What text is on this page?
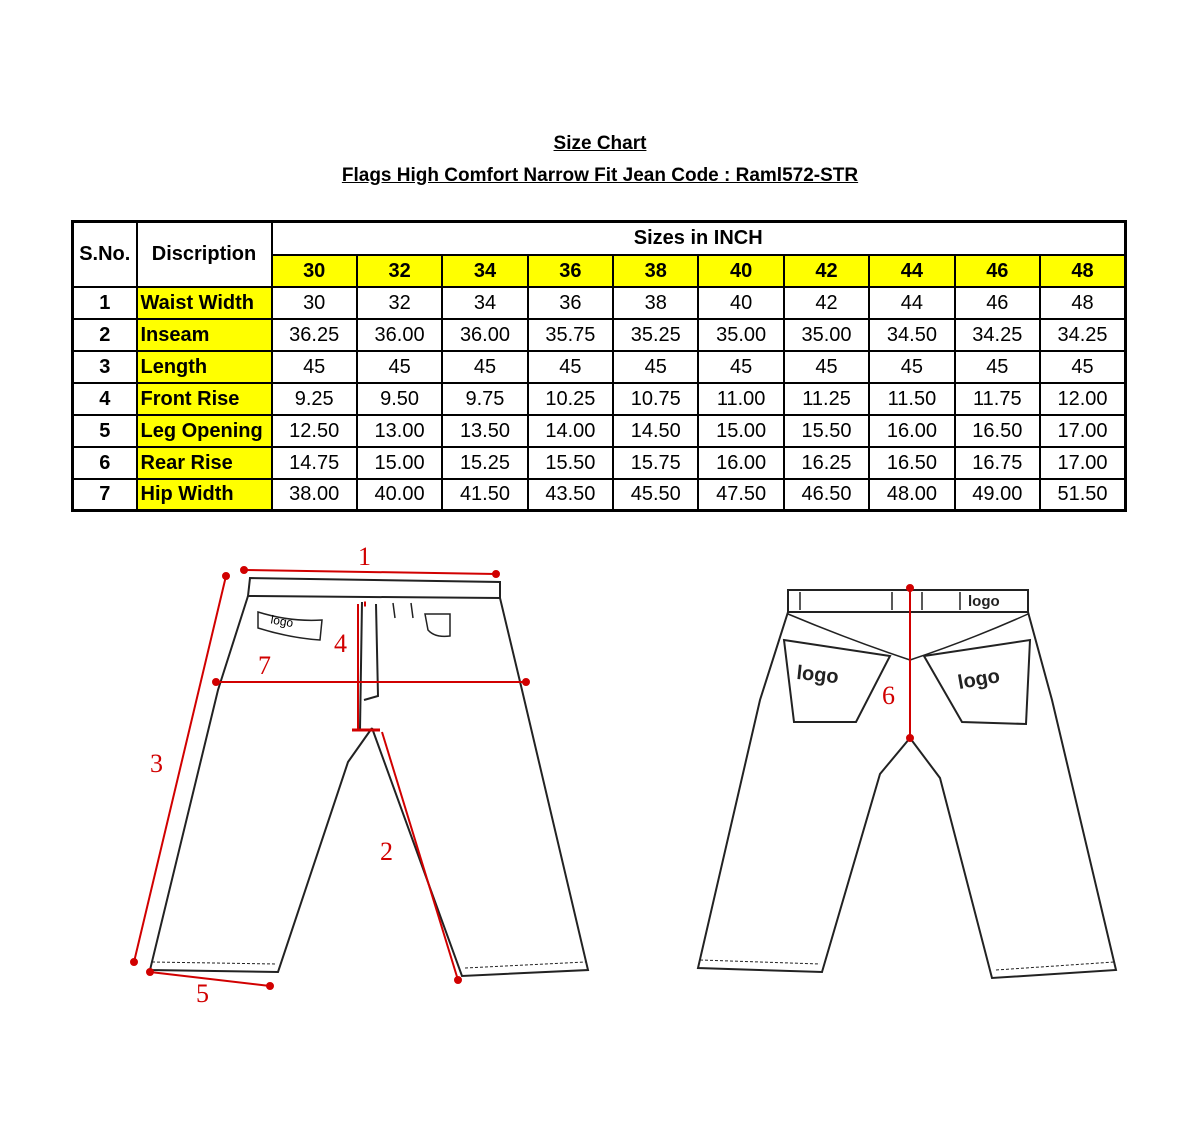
Size Chart
Flags High Comfort Narrow Fit Jean Code : Raml572-STR
S.No.	Discription	Sizes in INCH									
		30	32	34	36	38	40	42	44	46	48
1	Waist Width	30	32	34	36	38	40	42	44	46	48
2	Inseam	36.25	36.00	36.00	35.75	35.25	35.00	35.00	34.50	34.25	34.25
3	Length	45	45	45	45	45	45	45	45	45	45
4	Front Rise	9.25	9.50	9.75	10.25	10.75	11.00	11.25	11.50	11.75	12.00
5	Leg Opening	12.50	13.00	13.50	14.00	14.50	15.00	15.50	16.00	16.50	17.00
6	Rear Rise	14.75	15.00	15.25	15.50	15.75	16.00	16.25	16.50	16.75	17.00
7	Hip Width	38.00	40.00	41.50	43.50	45.50	47.50	46.50	48.00	49.00	51.50
logo
1
2
3
4
5
7
logo
logo	logo
6
